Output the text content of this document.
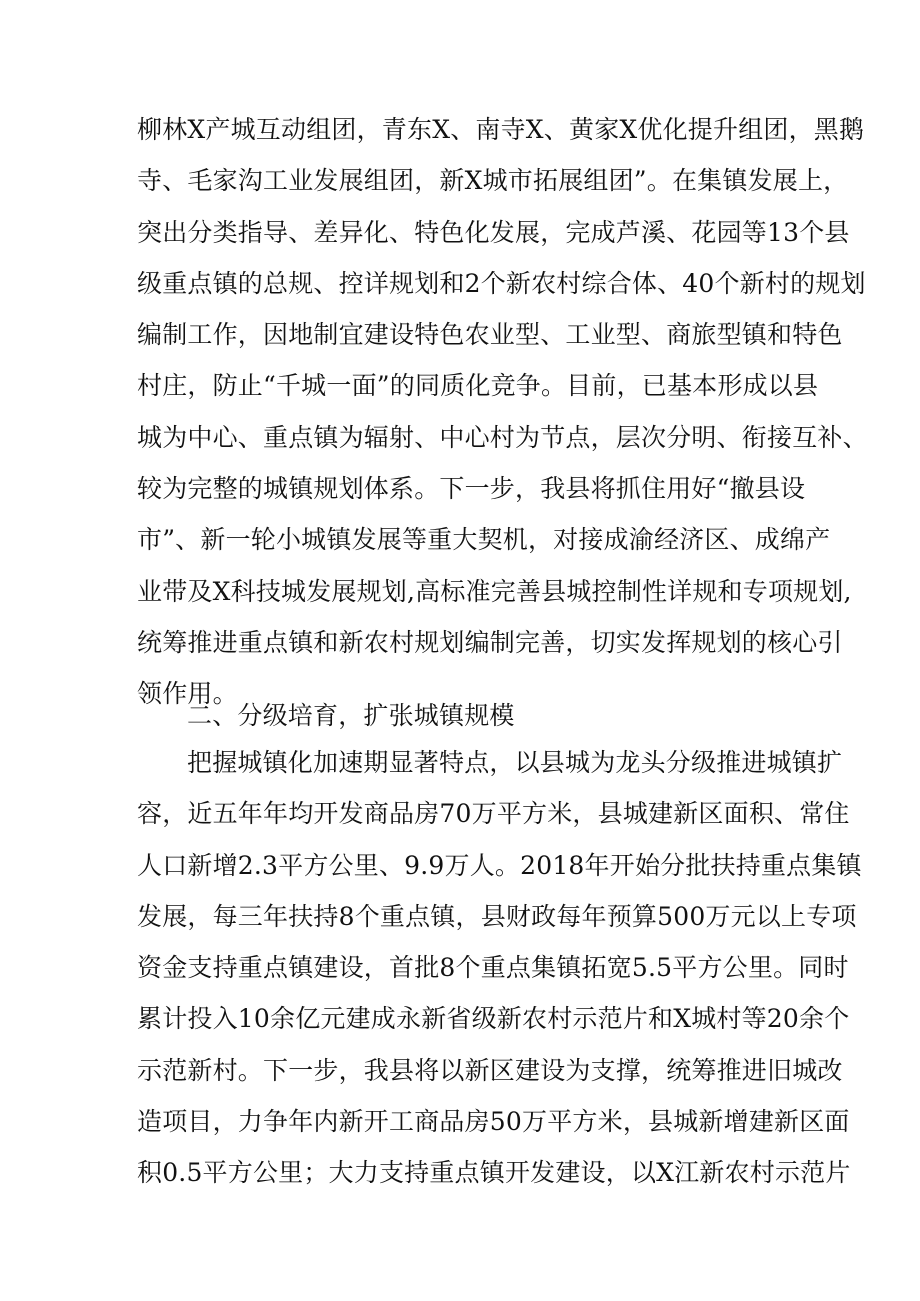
柳林X产城互动组团，青东X、南寺X、黄家X优化提升组团，黑鹅
寺、毛家沟工业发展组团，新X城市拓展组团”。在集镇发展上，
突出分类指导、差异化、特色化发展，完成芦溪、花园等13个县
级重点镇的总规、控详规划和2个新农村综合体、40个新村的规划
编制工作，因地制宜建设特色农业型、工业型、商旅型镇和特色
村庄，防止“千城一面”的同质化竞争。目前，已基本形成以县
城为中心、重点镇为辐射、中心村为节点，层次分明、衔接互补、
较为完整的城镇规划体系。下一步，我县将抓住用好“撤县设
市”、新一轮小城镇发展等重大契机，对接成渝经济区、成绵产
业带及X科技城发展规划,高标准完善县城控制性详规和专项规划,
统筹推进重点镇和新农村规划编制完善，切实发挥规划的核心引
领作用。
二、分级培育，扩张城镇规模
把握城镇化加速期显著特点，以县城为龙头分级推进城镇扩
容，近五年年均开发商品房70万平方米，县城建新区面积、常住
人口新增2.3平方公里、9.9万人。2018年开始分批扶持重点集镇
发展，每三年扶持8个重点镇，县财政每年预算500万元以上专项
资金支持重点镇建设，首批8个重点集镇拓宽5.5平方公里。同时
累计投入10余亿元建成永新省级新农村示范片和X城村等20余个
示范新村。下一步，我县将以新区建设为支撑，统筹推进旧城改
造项目，力争年内新开工商品房50万平方米，县城新增建新区面
积0.5平方公里；大力支持重点镇开发建设，以X江新农村示范片
